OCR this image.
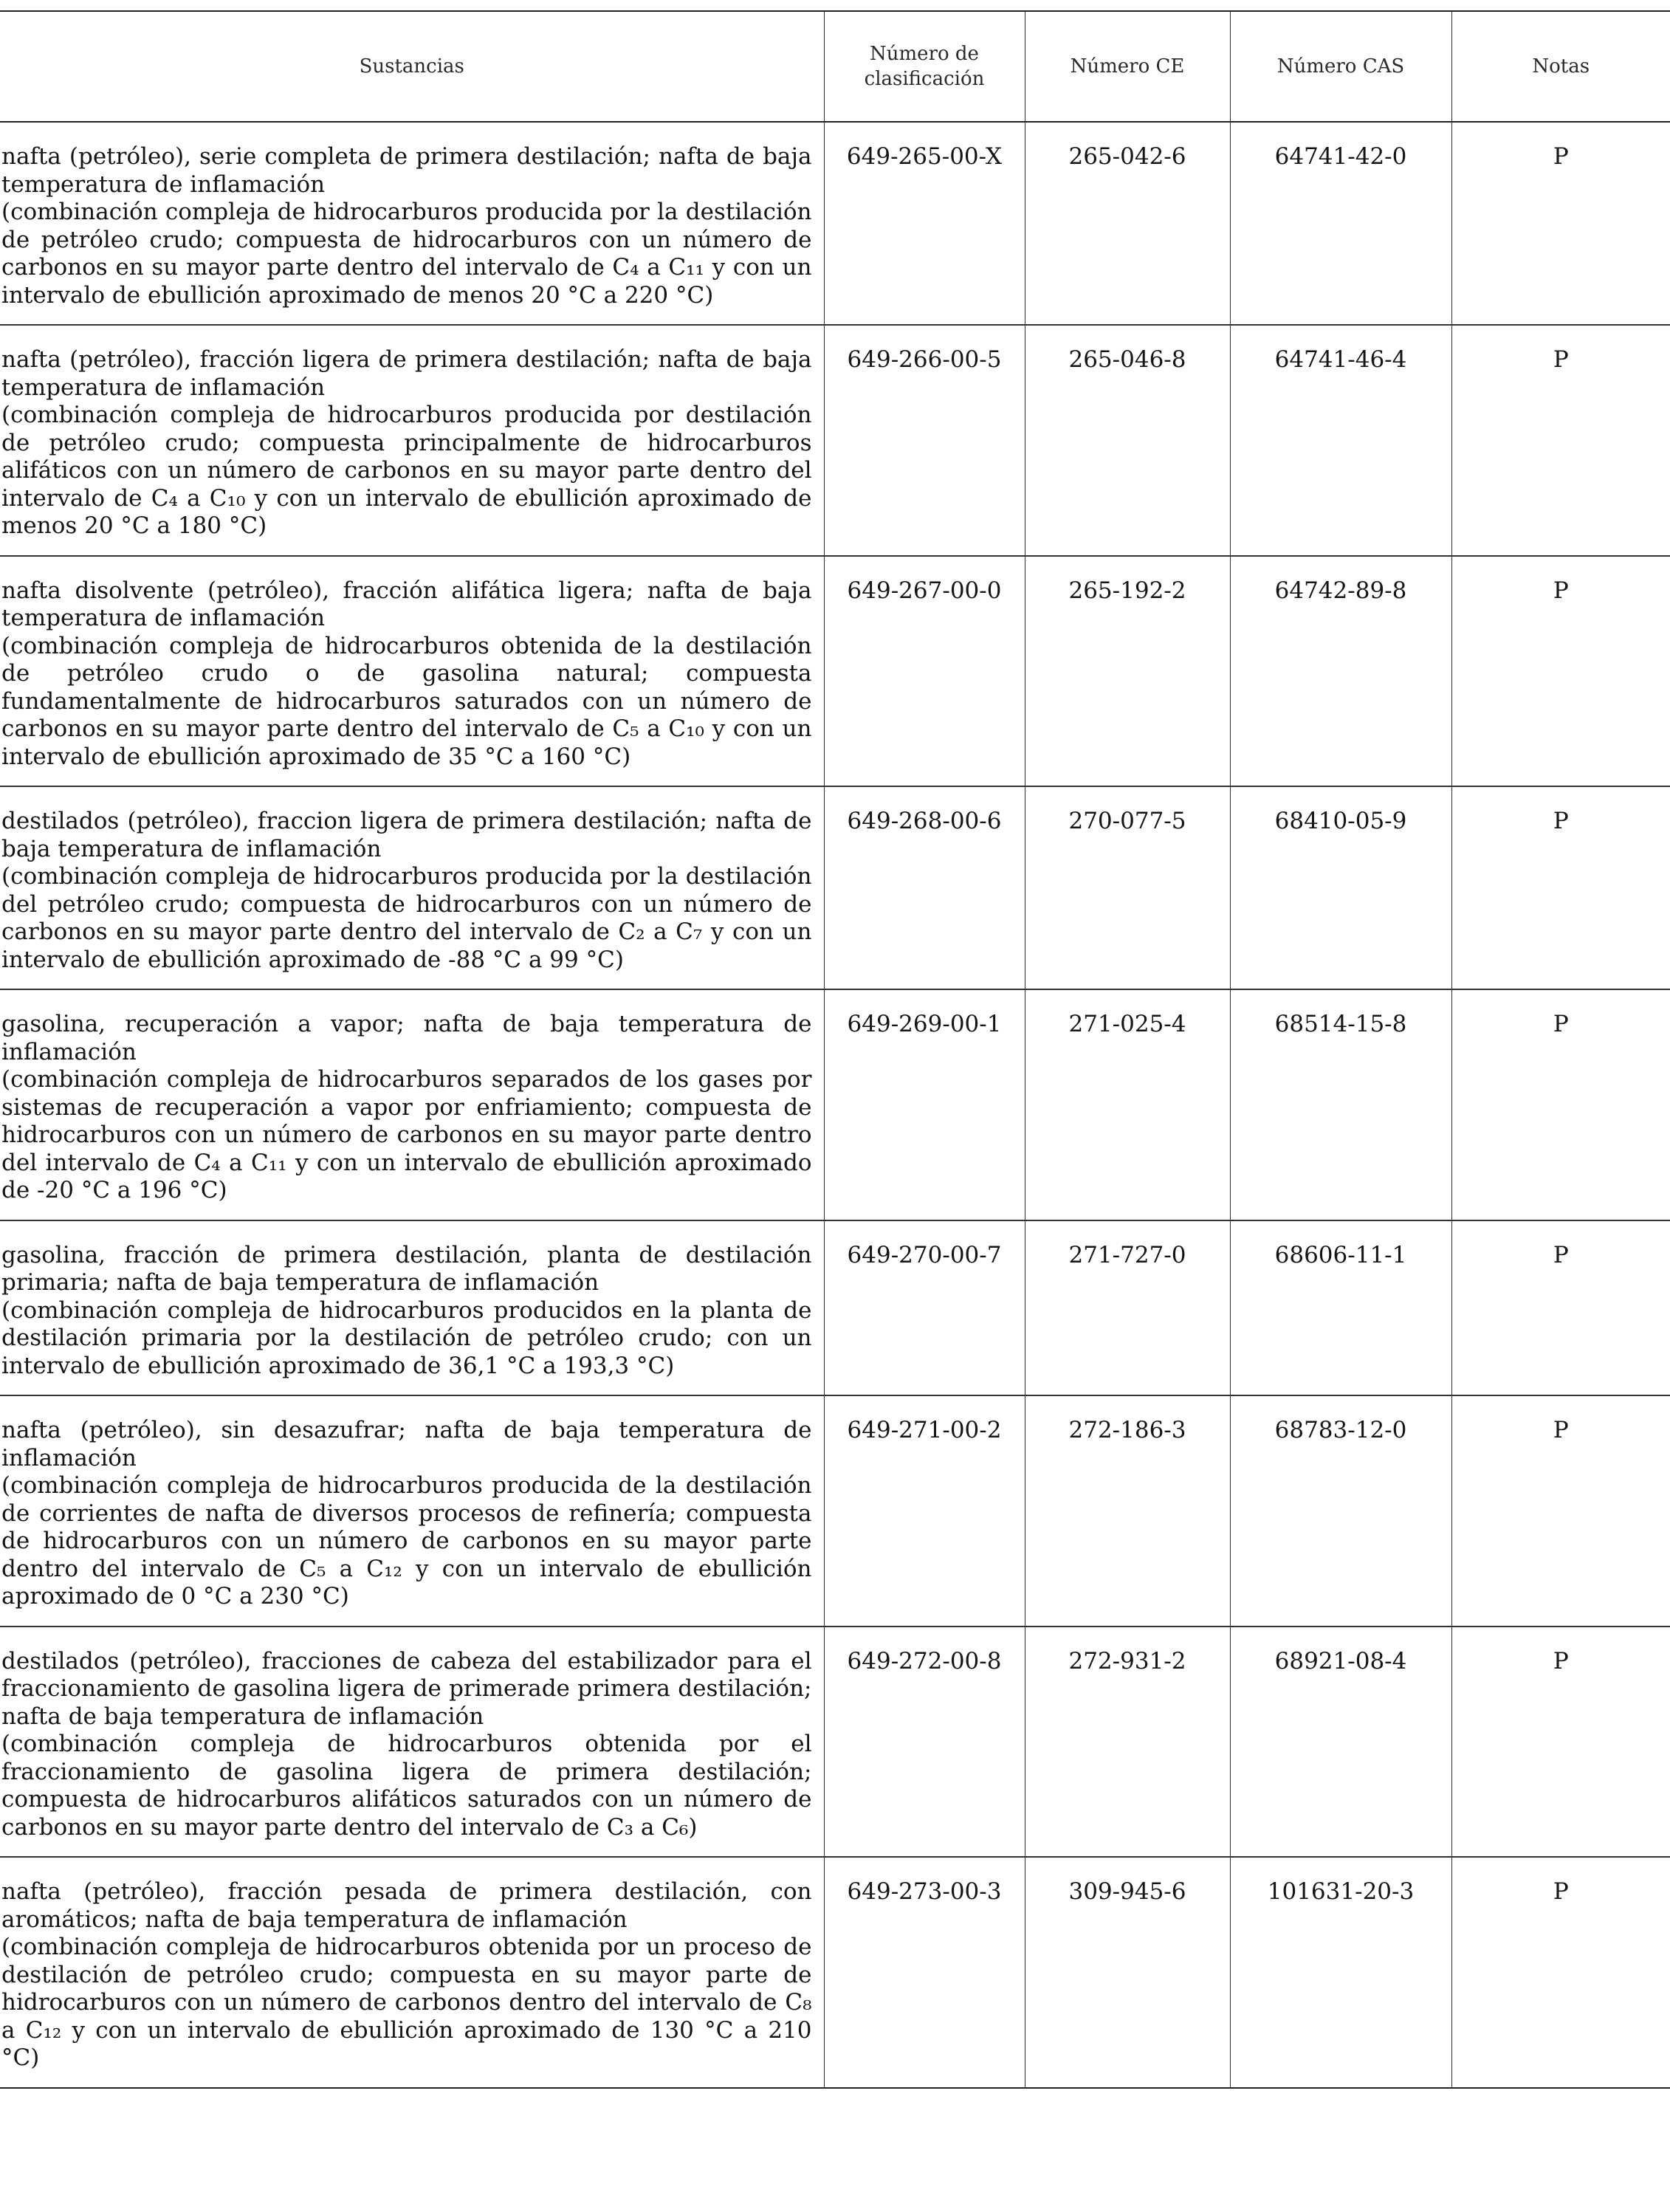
Sustancias	Número de clasificación	Número CE	Número CAS	Notas
nafta (petróleo), serie completa de primera destilación; nafta de baja temperatura de inflamación
(combinación compleja de hidrocarburos producida por la destilación de petróleo crudo; compuesta de hidrocarburos con un número de carbonos en su mayor parte dentro del intervalo de C₄ a C₁₁ y con un intervalo de ebullición aproximado de menos 20 °C a 220 °C)	649-265-00-X	265-042-6	64741-42-0	P
nafta (petróleo), fracción ligera de primera destilación; nafta de baja temperatura de inflamación
(combinación compleja de hidrocarburos producida por destilación de petróleo crudo; compuesta principalmente de hidrocarburos alifáticos con un número de carbonos en su mayor parte dentro del intervalo de C₄ a C₁₀ y con un intervalo de ebullición aproximado de menos 20 °C a 180 °C)	649-266-00-5	265-046-8	64741-46-4	P
nafta disolvente (petróleo), fracción alifática ligera; nafta de baja temperatura de inflamación
(combinación compleja de hidrocarburos obtenida de la destilación de petróleo crudo o de gasolina natural; compuesta fundamentalmente de hidrocarburos saturados con un número de carbonos en su mayor parte dentro del intervalo de C₅ a C₁₀ y con un intervalo de ebullición aproximado de 35 °C a 160 °C)	649-267-00-0	265-192-2	64742-89-8	P
destilados (petróleo), fraccion ligera de primera destilación; nafta de baja temperatura de inflamación
(combinación compleja de hidrocarburos producida por la destilación del petróleo crudo; compuesta de hidrocarburos con un número de carbonos en su mayor parte dentro del intervalo de C₂ a C₇ y con un intervalo de ebullición aproximado de -88 °C a 99 °C)	649-268-00-6	270-077-5	68410-05-9	P
gasolina, recuperación a vapor; nafta de baja temperatura de inflamación
(combinación compleja de hidrocarburos separados de los gases por sistemas de recuperación a vapor por enfriamiento; compuesta de hidrocarburos con un número de carbonos en su mayor parte dentro del intervalo de C₄ a C₁₁ y con un intervalo de ebullición aproximado de -20 °C a 196 °C)	649-269-00-1	271-025-4	68514-15-8	P
gasolina, fracción de primera destilación, planta de destilación primaria; nafta de baja temperatura de inflamación
(combinación compleja de hidrocarburos producidos en la planta de destilación primaria por la destilación de petróleo crudo; con un intervalo de ebullición aproximado de 36,1 °C a 193,3 °C)	649-270-00-7	271-727-0	68606-11-1	P
nafta (petróleo), sin desazufrar; nafta de baja temperatura de inflamación
(combinación compleja de hidrocarburos producida de la destilación de corrientes de nafta de diversos procesos de refinería; compuesta de hidrocarburos con un número de carbonos en su mayor parte dentro del intervalo de C₅ a C₁₂ y con un intervalo de ebullición aproximado de 0 °C a 230 °C)	649-271-00-2	272-186-3	68783-12-0	P
destilados (petróleo), fracciones de cabeza del estabilizador para el fraccionamiento de gasolina ligera de primerade primera destilación; nafta de baja temperatura de inflamación
(combinación compleja de hidrocarburos obtenida por el fraccionamiento de gasolina ligera de primera destilación; compuesta de hidrocarburos alifáticos saturados con un número de carbonos en su mayor parte dentro del intervalo de C₃ a C₆)	649-272-00-8	272-931-2	68921-08-4	P
nafta (petróleo), fracción pesada de primera destilación, con aromáticos; nafta de baja temperatura de inflamación
(combinación compleja de hidrocarburos obtenida por un proceso de destilación de petróleo crudo; compuesta en su mayor parte de hidrocarburos con un número de carbonos dentro del intervalo de C₈ a C₁₂ y con un intervalo de ebullición aproximado de 130 °C a 210 °C)	649-273-00-3	309-945-6	101631-20-3	P
